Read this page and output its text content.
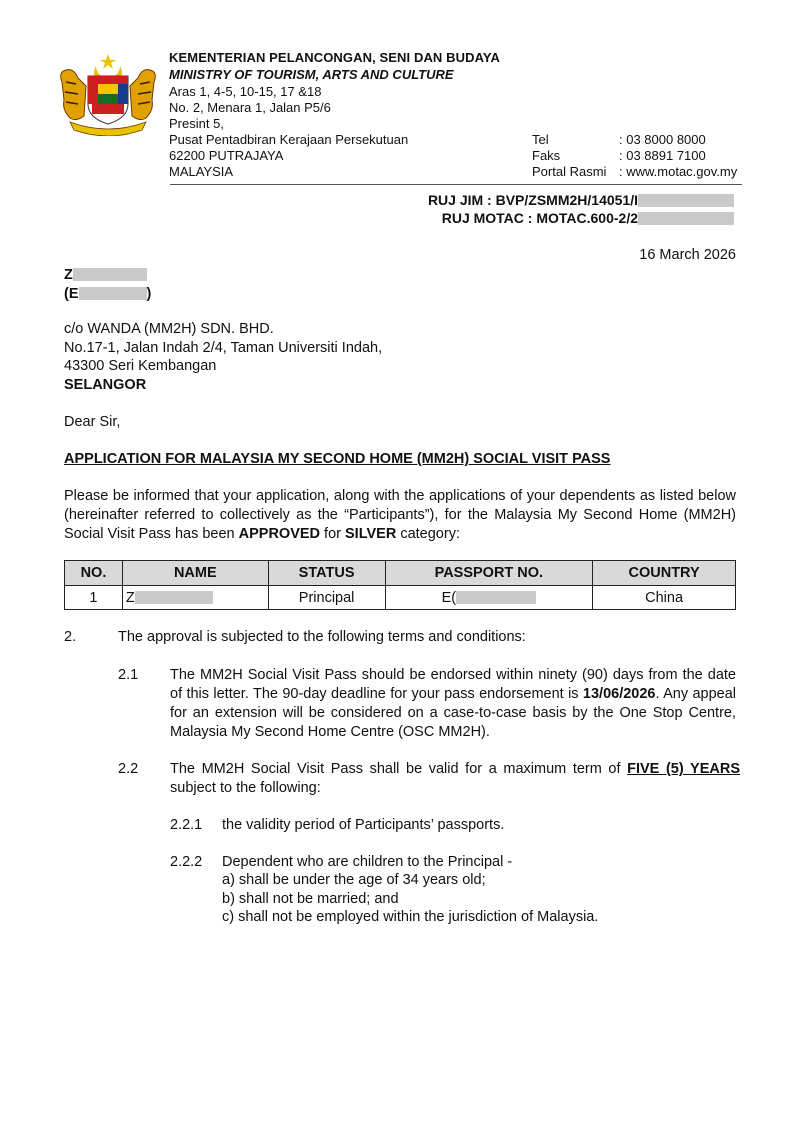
KEMENTERIAN PELANCONGAN, SENI DAN BUDAYA
MINISTRY OF TOURISM, ARTS AND CULTURE
Aras 1, 4-5, 10-15, 17 &18
No. 2, Menara 1, Jalan P5/6
Presint 5,
Pusat Pentadbiran Kerajaan Persekutuan
62200 PUTRAJAYA
MALAYSIA
Tel	: 03 8000 8000
Faks	: 03 8891 7100
Portal Rasmi : www.motac.gov.my
RUJ JIM : BVP/ZSMM2H/14051/I
RUJ MOTAC : MOTAC.600-2/2
16 March 2026
Z
(E	)
c/o WANDA (MM2H) SDN. BHD.
No.17-1, Jalan Indah 2/4, Taman Universiti Indah,
43300 Seri Kembangan
SELANGOR
Dear Sir,
APPLICATION FOR MALAYSIA MY SECOND HOME (MM2H) SOCIAL VISIT PASS
Please be informed that your application, along with the applications of your dependents as listed below (hereinafter referred to collectively as the “Participants”), for the Malaysia My Second Home (MM2H) Social Visit Pass has been APPROVED for SILVER category:
NO.	NAME	STATUS	PASSPORT NO.	COUNTRY
1	Z	Principal	E(	China
2.	The approval is subjected to the following terms and conditions:
2.1 The MM2H Social Visit Pass should be endorsed within ninety (90) days from the date of this letter. The 90-day deadline for your pass endorsement is 13/06/2026. Any appeal for an extension will be considered on a case-to-case basis by the One Stop Centre, Malaysia My Second Home Centre (OSC MM2H).
2.2 The MM2H Social Visit Pass shall be valid for a maximum term of FIVE (5) YEARS
subject to the following:
2.2.1 the validity period of Participants’ passports.
2.2.2 Dependent who are children to the Principal -
a) shall be under the age of 34 years old;
b) shall not be married; and
c) shall not be employed within the jurisdiction of Malaysia.
